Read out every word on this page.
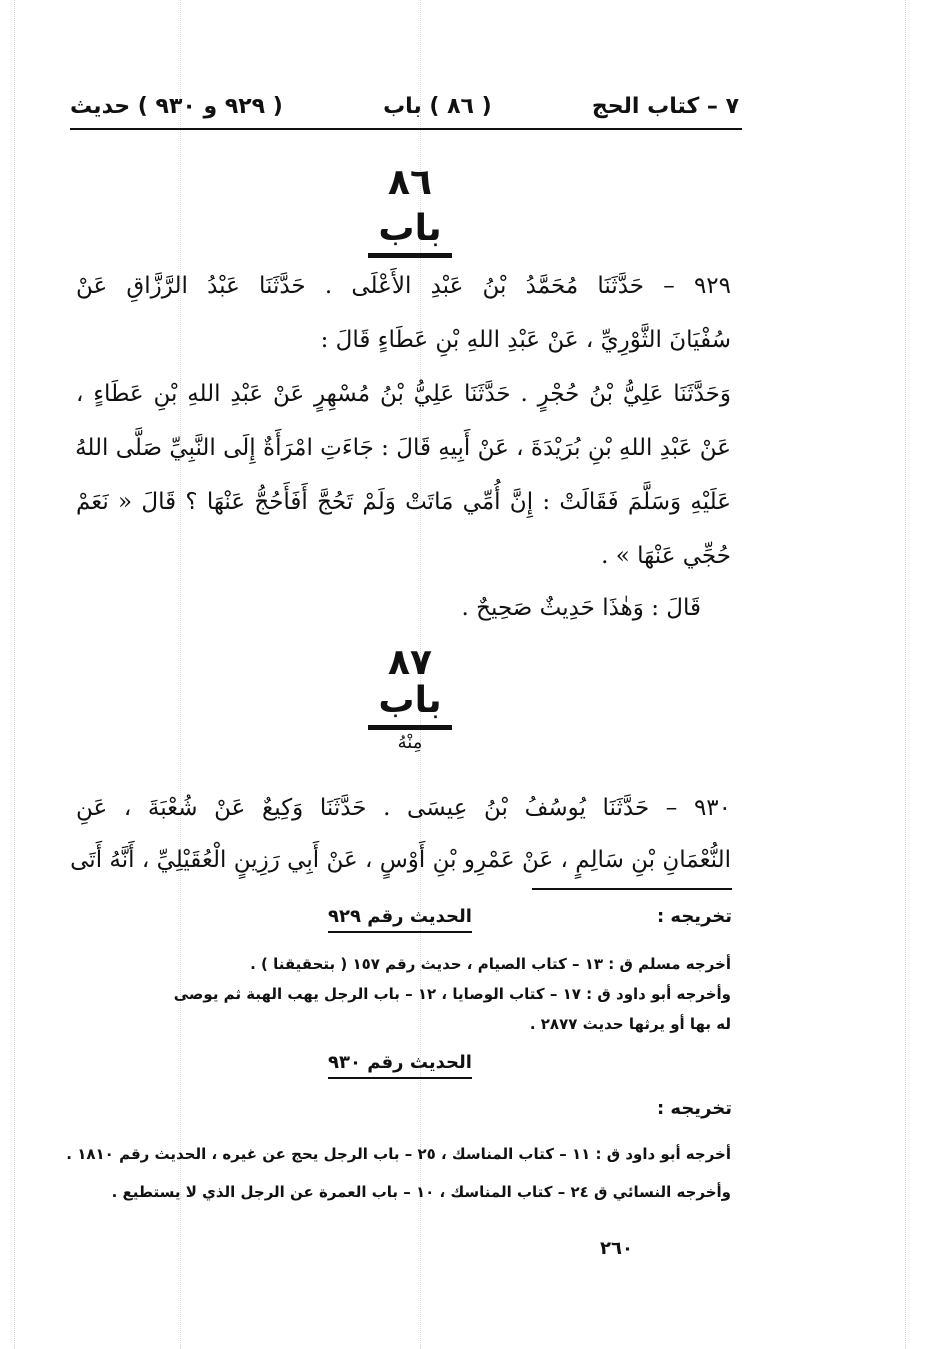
٧ – كتاب الحج
( ٨٦ ) باب
( ٩٢٩ و ٩٣٠ ) حديث
٨٦
باب
٩٢٩ – حَدَّثَنَا مُحَمَّدُ بْنُ عَبْدِ الأَعْلَى . حَدَّثَنَا عَبْدُ الرَّزَّاقِ عَنْ
سُفْيَانَ الثَّوْرِيِّ ، عَنْ عَبْدِ اللهِ بْنِ عَطَاءٍ قَالَ :
وَحَدَّثَنَا عَلِيُّ بْنُ حُجْرٍ . حَدَّثَنَا عَلِيُّ بْنُ مُسْهِرٍ عَنْ عَبْدِ اللهِ بْنِ عَطَاءٍ ،
عَنْ عَبْدِ اللهِ بْنِ بُرَيْدَةَ ، عَنْ أَبِيهِ قَالَ : جَاءَتِ امْرَأَةٌ إِلَى النَّبِيِّ صَلَّى اللهُ
عَلَيْهِ وَسَلَّمَ فَقَالَتْ : إِنَّ أُمِّي مَاتَتْ وَلَمْ تَحُجَّ أَفَأَحُجُّ عَنْهَا ؟ قَالَ « نَعَمْ
حُجِّي عَنْهَا » .
قَالَ : وَهٰذَا حَدِيثٌ صَحِيحٌ .
٨٧
باب
مِنْهُ
٩٣٠ – حَدَّثَنَا يُوسُفُ بْنُ عِيسَى . حَدَّثَنَا وَكِيعٌ عَنْ شُعْبَةَ ، عَنِ
النُّعْمَانِ بْنِ سَالِمٍ ، عَنْ عَمْرِو بْنِ أَوْسٍ ، عَنْ أَبِي رَزِينٍ الْعُقَيْلِيِّ ، أَنَّهُ أَتَى
تخريجه :
الحديث رقم ٩٢٩
أخرجه مسلم ق : ١٣ – كتاب الصيام ، حديث رقم ١٥٧ ( بتحقيقنا ) .
وأخرجه أبو داود ق : ١٧ – كتاب الوصايا ، ١٢ – باب الرجل يهب الهبة ثم يوصى
له بها أو يرثها حديث ٢٨٧٧ .
الحديث رقم ٩٣٠
تخريجه :
أخرجه أبو داود ق : ١١ – كتاب المناسك ، ٢٥ – باب الرجل يحج عن غيره ، الحديث رقم ١٨١٠ .
وأخرجه النسائي ق ٢٤ – كتاب المناسك ، ١٠ – باب العمرة عن الرجل الذي لا يستطيع .
٢٦٠
